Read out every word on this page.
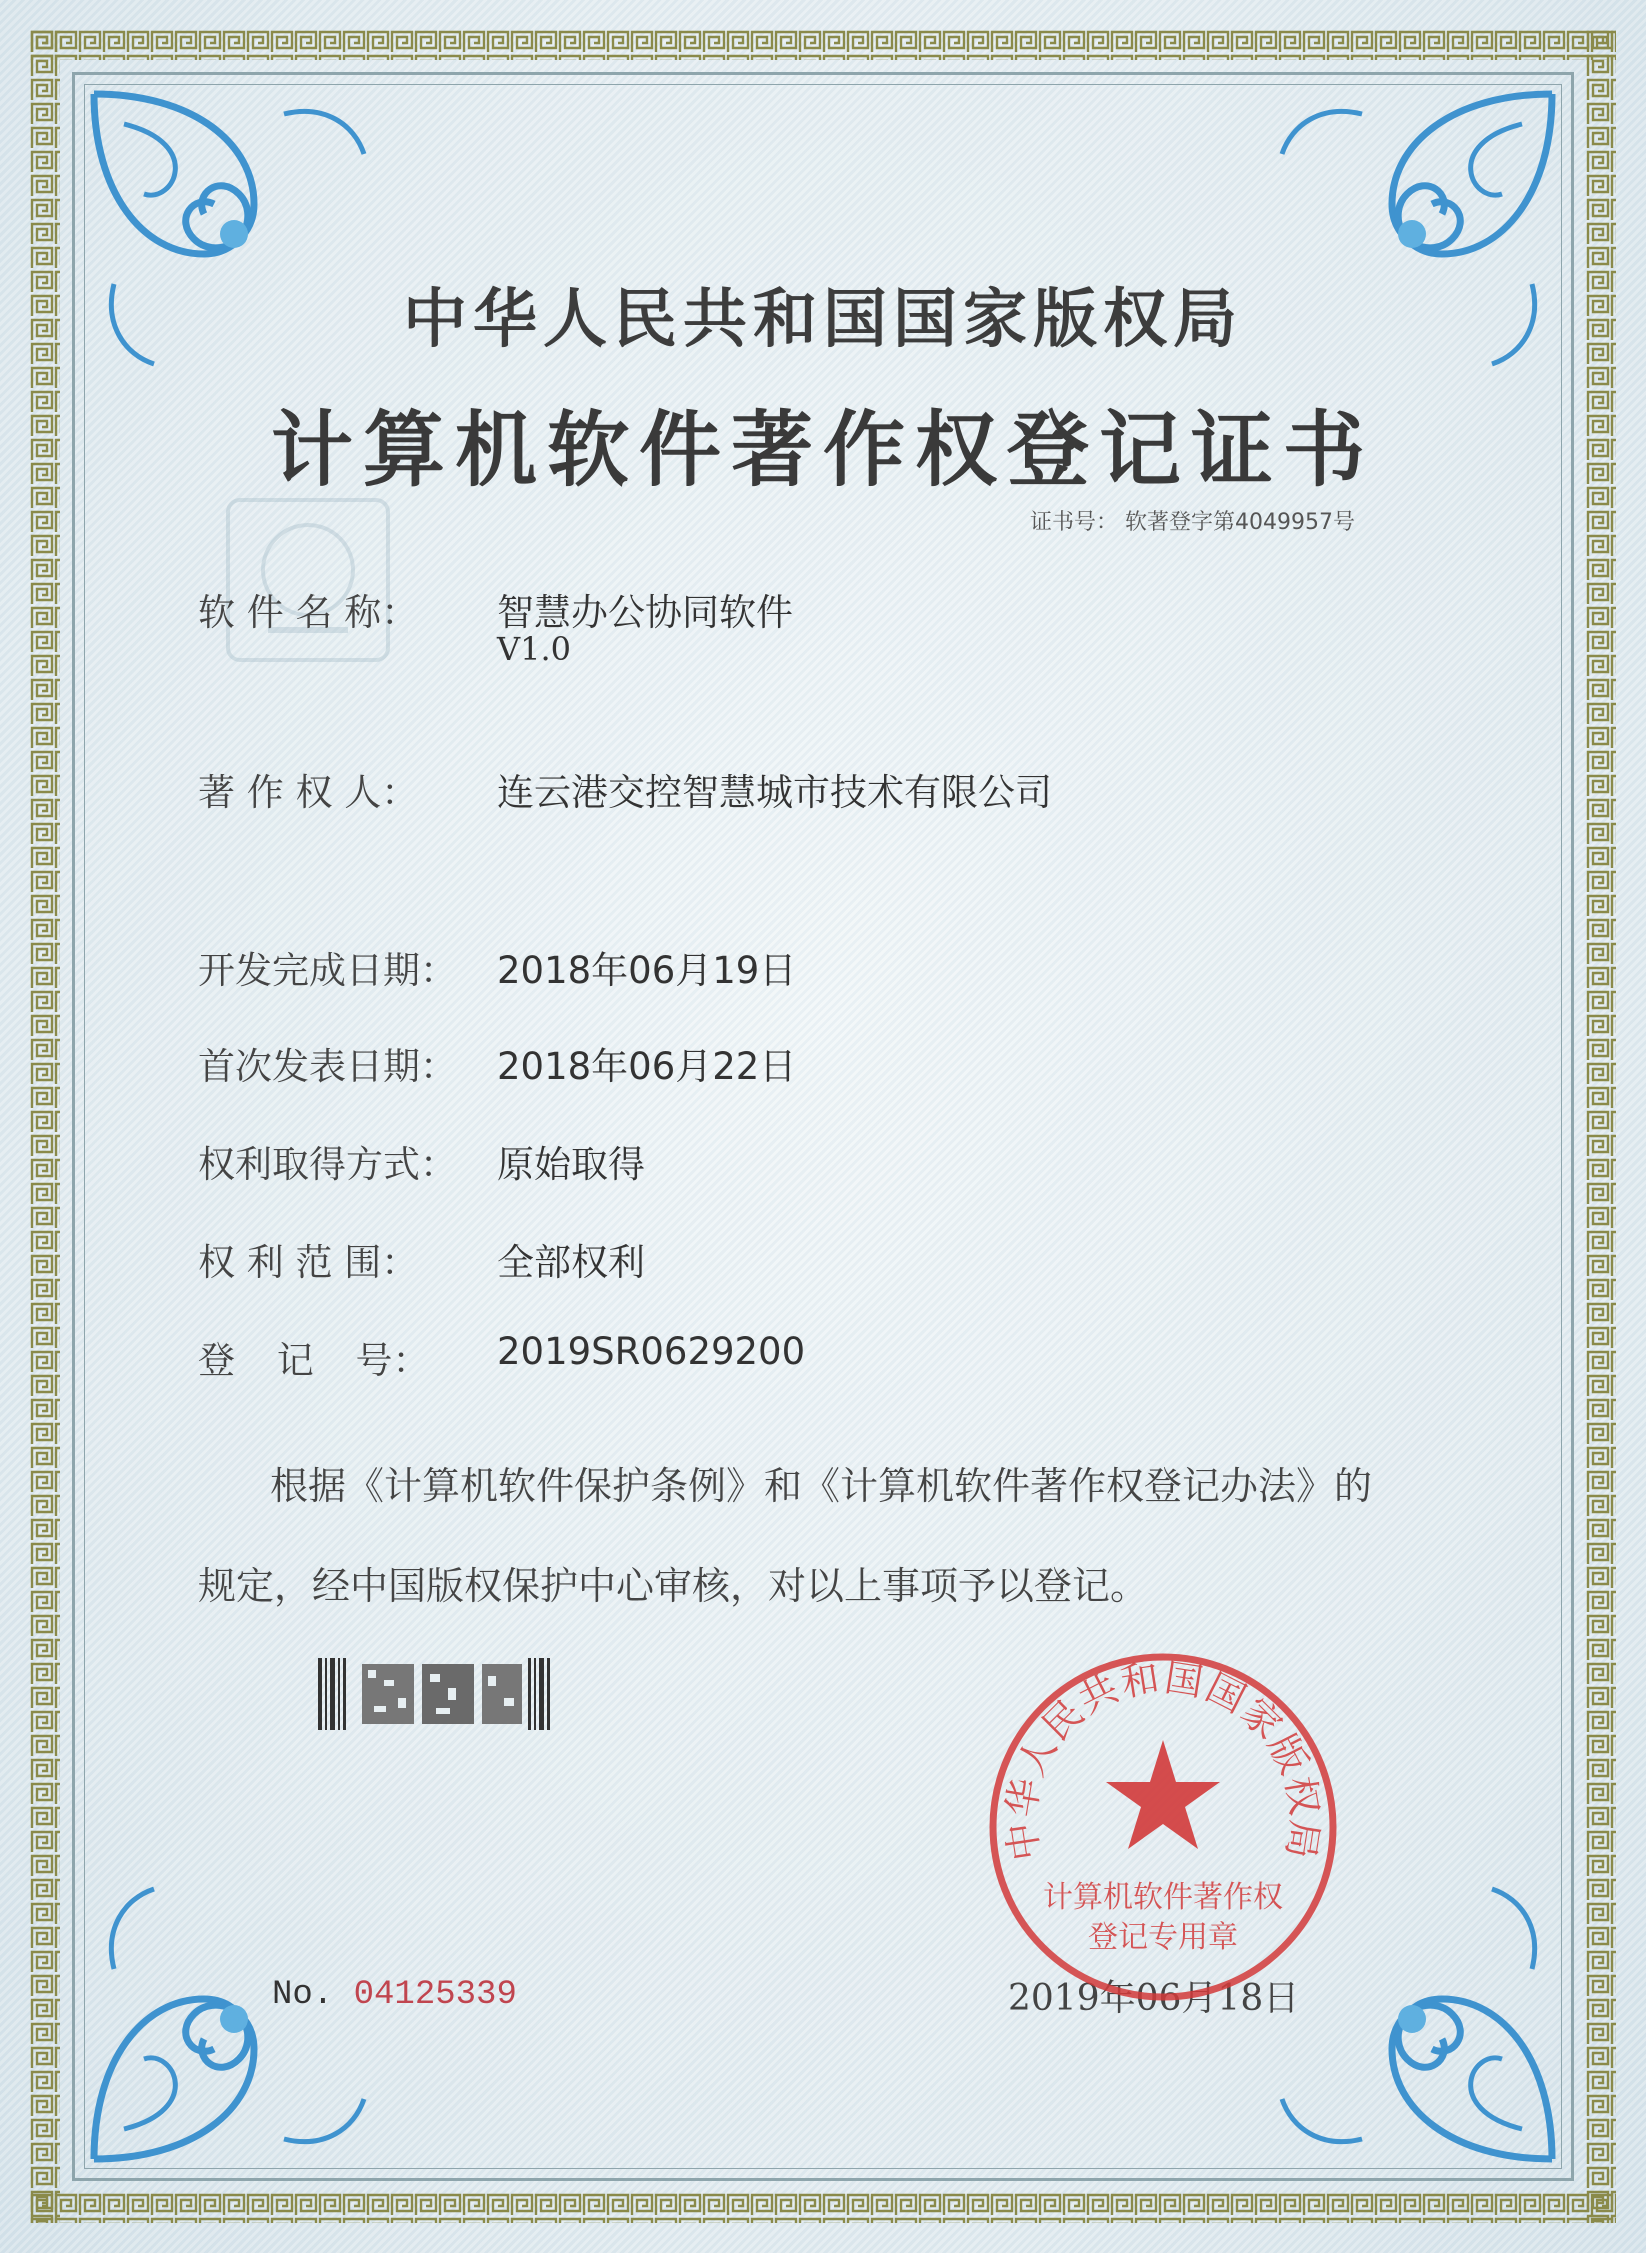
中华人民共和国国家版权局
计算机软件著作权登记证书
证书号： 软著登字第4049957号
软 件 名 称： 智慧办公协同软件
V1.0
著 作 权 人： 连云港交控智慧城市技术有限公司
开发完成日期： 2018年06月19日
首次发表日期： 2018年06月22日
权利取得方式： 原始取得
权 利 范 围： 全部权利
登 记 号： 2019SR0629200
根据《计算机软件保护条例》和《计算机软件著作权登记办法》的
规定，经中国版权保护中心审核，对以上事项予以登记。
No. 04125339	2019年06月18日
中华人民共和国国家版权局
计算机软件著作权
登记专用章
